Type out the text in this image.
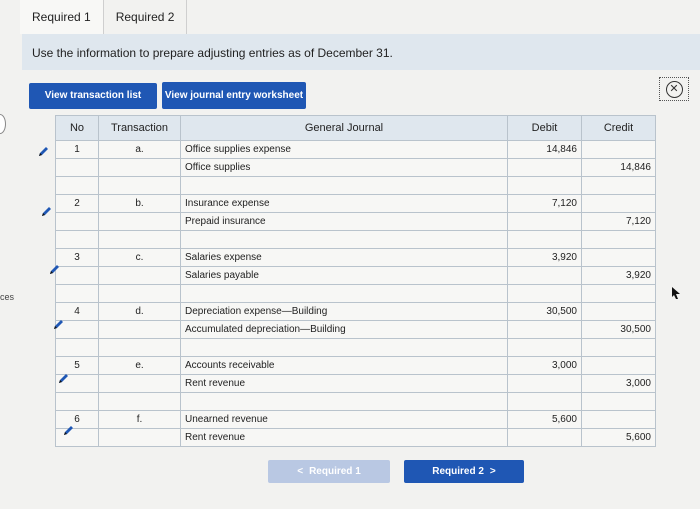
Required 1	Required 2
Use the information to prepare adjusting entries as of December 31.
View transaction list	View journal entry worksheet
✕
ces
No	Transaction	General Journal	Debit	Credit
1	a.	Office supplies expense	14,846	
		Office supplies		14,846

2	b.	Insurance expense	7,120	
		Prepaid insurance		7,120

3	c.	Salaries expense	3,920	
		Salaries payable		3,920

4	d.	Depreciation expense—Building	30,500	
		Accumulated depreciation—Building		30,500

5	e.	Accounts receivable	3,000	
		Rent revenue		3,000

6	f.	Unearned revenue	5,600	
		Rent revenue		5,600
< Required 1	Required 2 >
